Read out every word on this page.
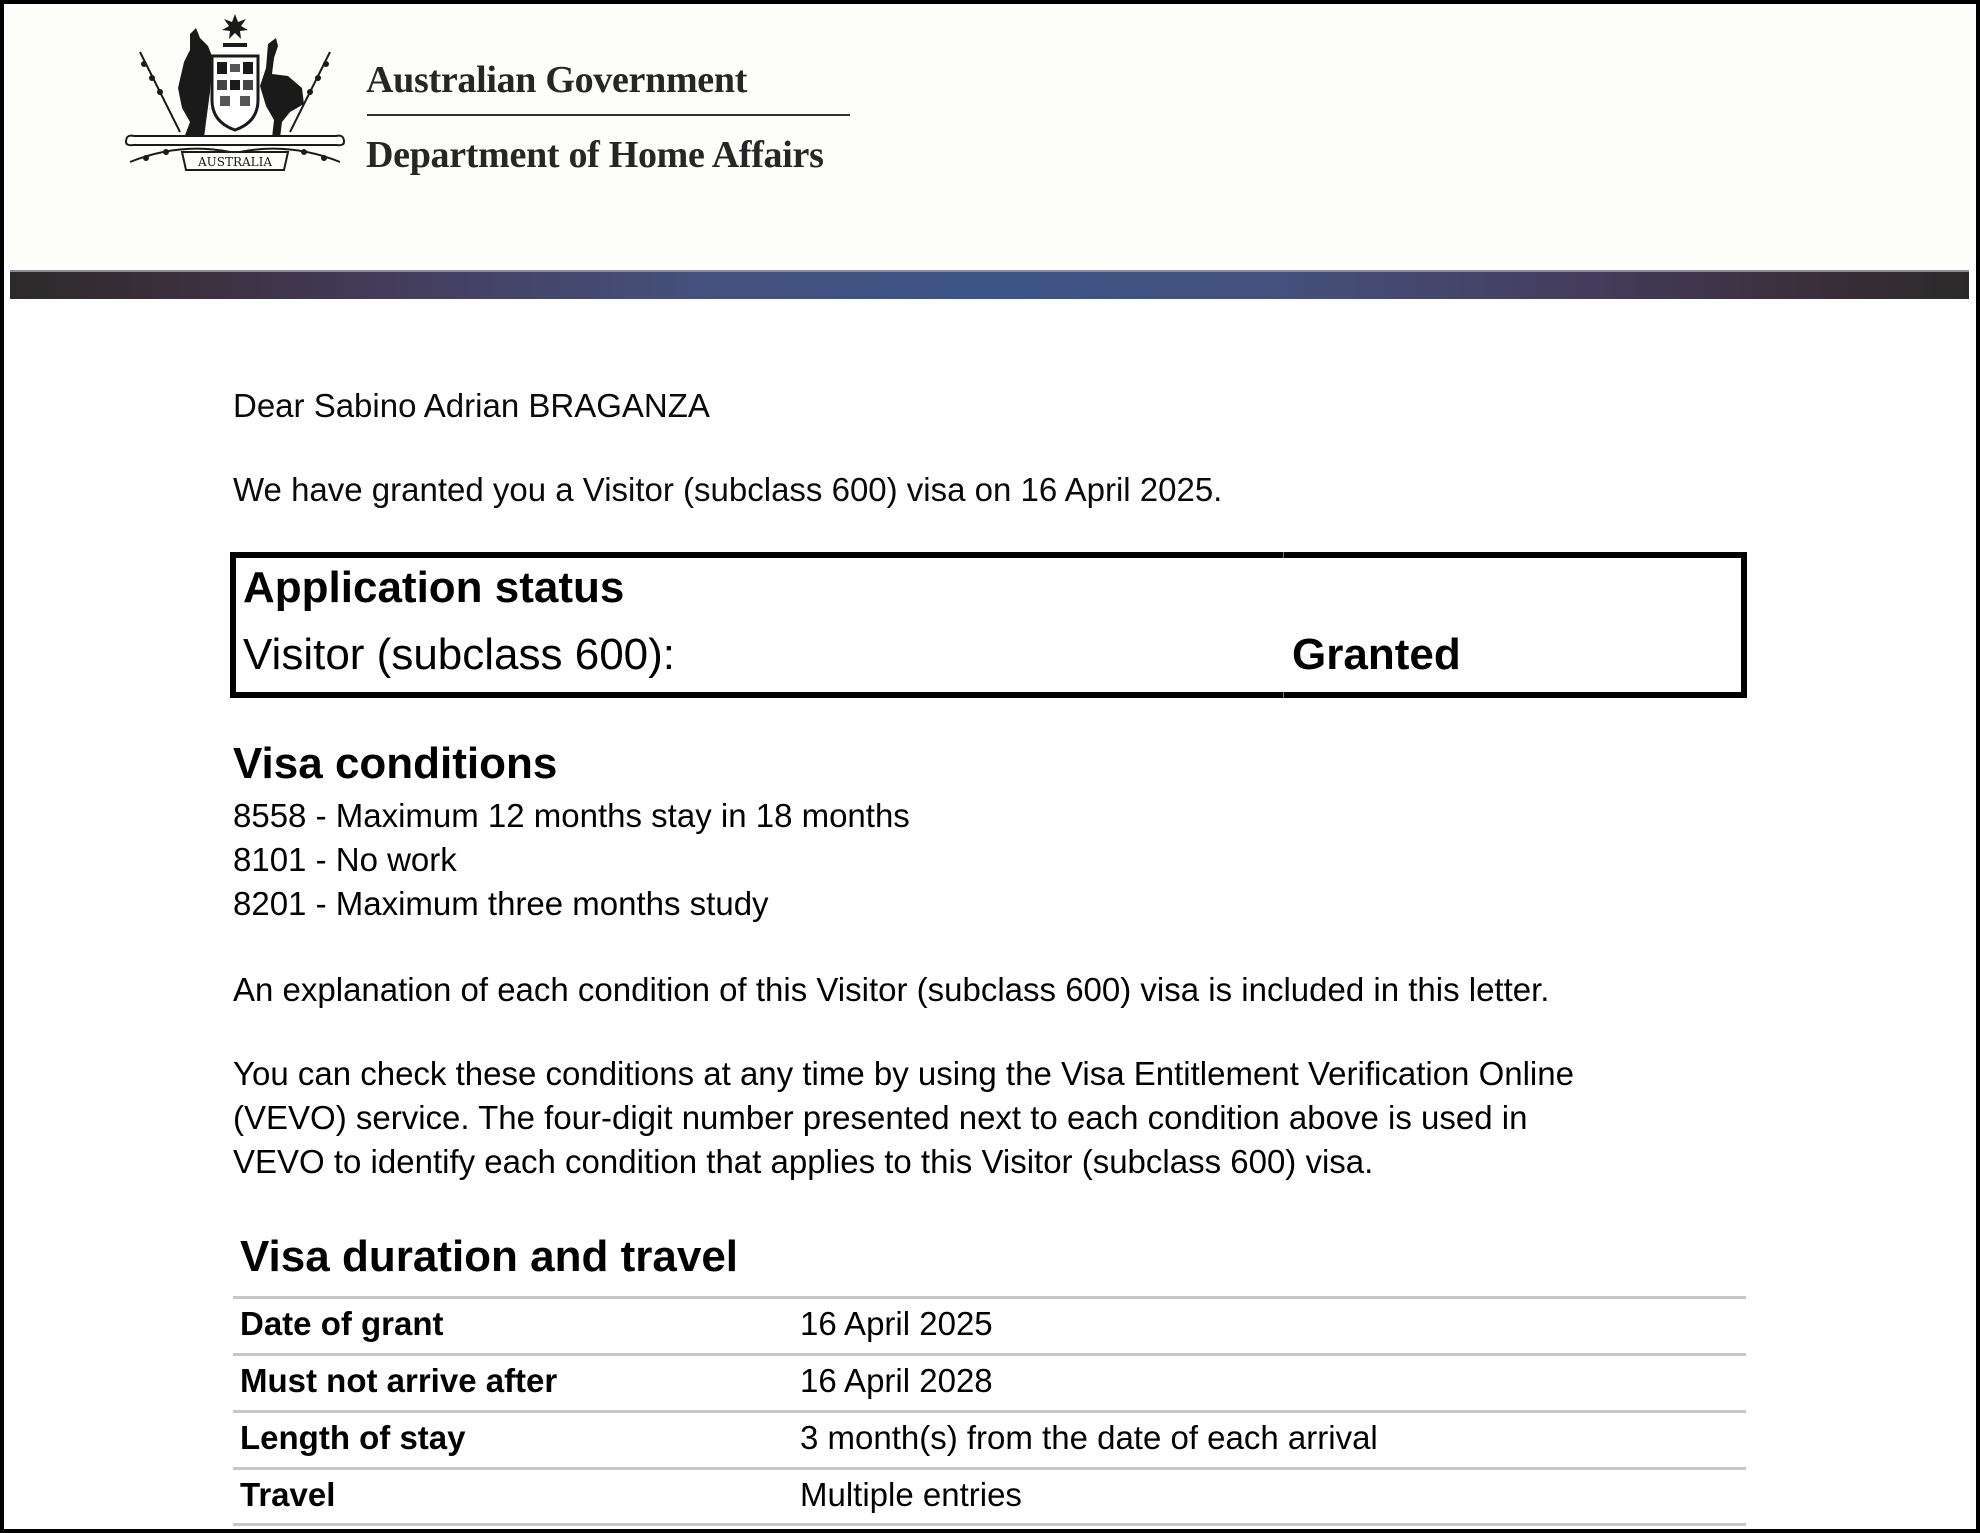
AUSTRALIA
Australian Government
Department of Home Affairs
Dear Sabino Adrian BRAGANZA
We have granted you a Visitor (subclass 600) visa on 16 April 2025.
Application status
Visitor (subclass 600):	Granted
Visa conditions
8558 - Maximum 12 months stay in 18 months
8101 - No work
8201 - Maximum three months study
An explanation of each condition of this Visitor (subclass 600) visa is included in this letter.
You can check these conditions at any time by using the Visa Entitlement Verification Online
(VEVO) service. The four-digit number presented next to each condition above is used in
VEVO to identify each condition that applies to this Visitor (subclass 600) visa.
Visa duration and travel
Date of grant	16 April 2025
Must not arrive after	16 April 2028
Length of stay	3 month(s) from the date of each arrival
Travel	Multiple entries
